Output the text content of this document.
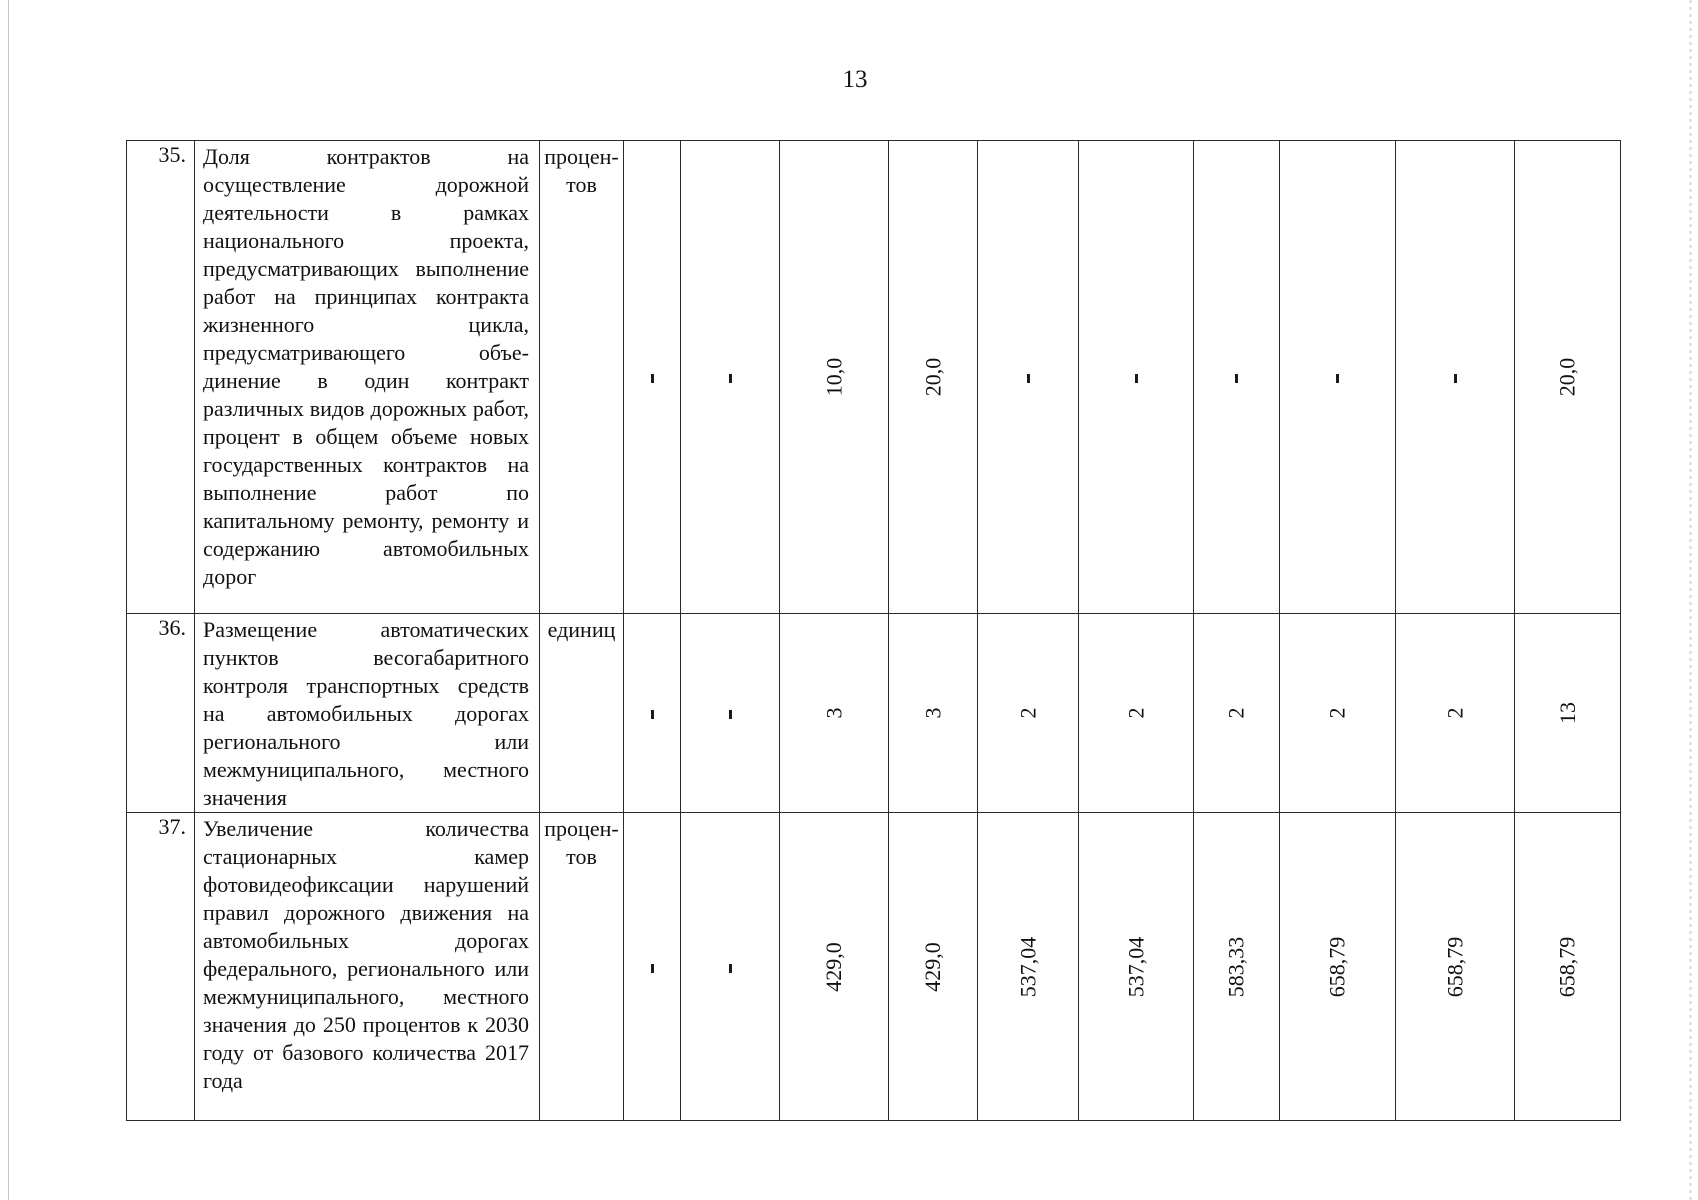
13
35.	Доля контрактов на осуществление дорожной деятельности в рамках национального проекта, предусматривающих выполнение работ на принципах контракта жизненного цикла, предусматривающего объединение в один контракт различных видов дорожных работ, процент в общем объеме новых государственных контрактов на выполнение работ по капитальному ремонту, ремонту и содержанию автомобильных дорог	процентов			10,0	20,0						20,0
36.	Размещение автоматических пунктов весогабаритного контроля транспортных средств на автомобильных дорогах регионального или межмуниципального, местного значения	единиц			3	3	2	2	2	2	2	13
37.	Увеличение количества стационарных камер фотовидеофиксации нарушений правил дорожного движения на автомобильных дорогах федерального, регионального или межмуниципального, местного значения до 250 процентов к 2030 году от базового количества 2017 года	процентов			429,0	429,0	537,04	537,04	583,33	658,79	658,79	658,79
